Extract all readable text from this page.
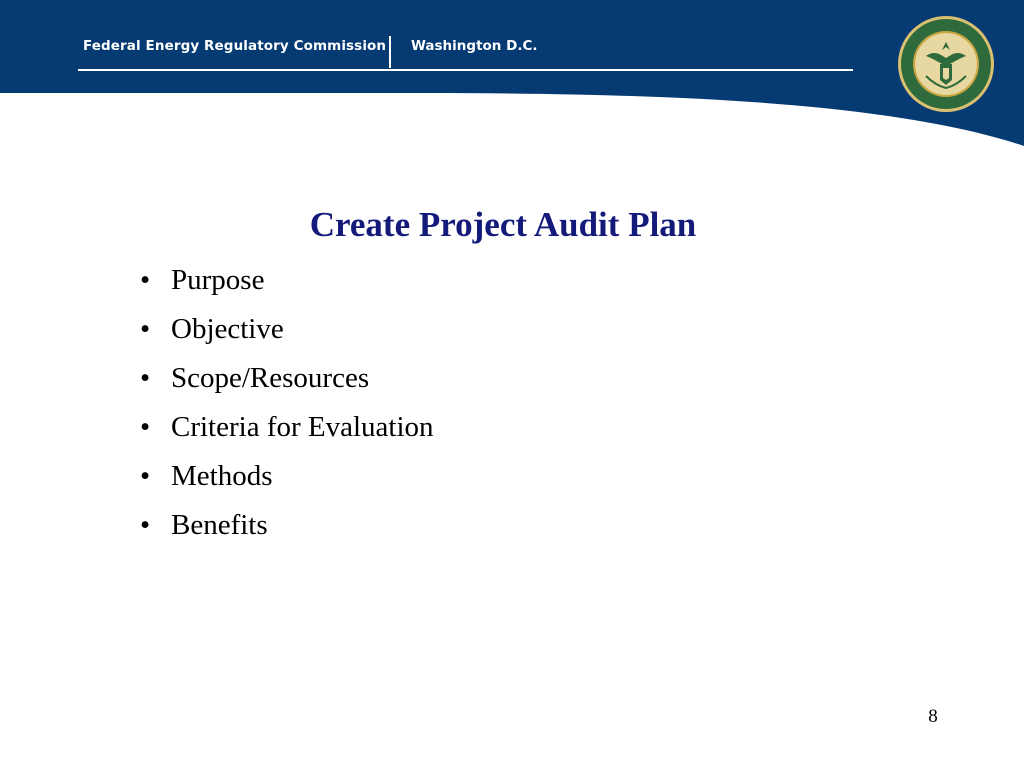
Federal Energy Regulatory Commission Washington D.C.
Create Project Audit Plan
• Purpose
• Objective
• Scope/Resources
• Criteria for Evaluation
• Methods
• Benefits
8
